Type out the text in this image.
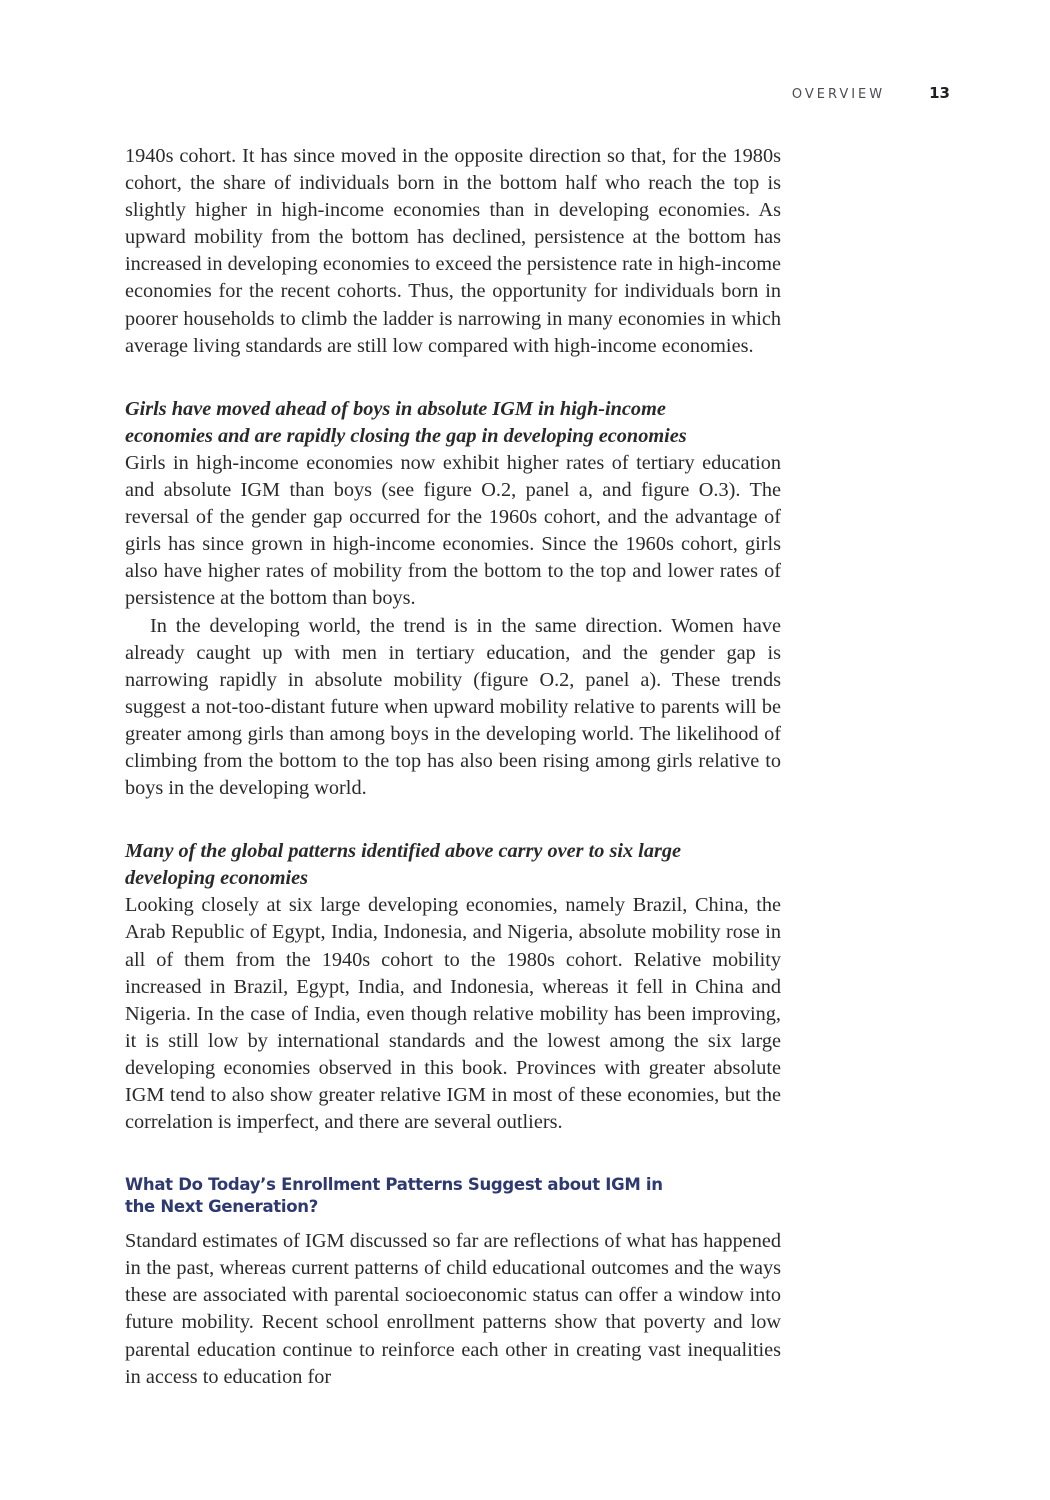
OVERVIEW	13

1940s cohort. It has since moved in the opposite direction so that, for the 1980s cohort, the share of individuals born in the bottom half who reach the top is slightly higher in high-income economies than in developing economies. As upward mobility from the bottom has declined, persistence at the bottom has increased in developing economies to exceed the persistence rate in high-income economies for the recent cohorts. Thus, the opportunity for individuals born in poorer households to climb the ladder is narrowing in many economies in which average living standards are still low compared with high-income economies.

Girls have moved ahead of boys in absolute IGM in high-income economies and are rapidly closing the gap in developing economies

Girls in high-income economies now exhibit higher rates of tertiary education and absolute IGM than boys (see figure O.2, panel a, and figure O.3). The reversal of the gender gap occurred for the 1960s cohort, and the advantage of girls has since grown in high-income economies. Since the 1960s cohort, girls also have higher rates of mobility from the bottom to the top and lower rates of persistence at the bottom than boys.

In the developing world, the trend is in the same direction. Women have already caught up with men in tertiary education, and the gender gap is narrowing rapidly in absolute mobility (figure O.2, panel a). These trends suggest a not-too-distant future when upward mobility relative to parents will be greater among girls than among boys in the developing world. The likelihood of climbing from the bottom to the top has also been rising among girls relative to boys in the developing world.

Many of the global patterns identified above carry over to six large developing economies

Looking closely at six large developing economies, namely Brazil, China, the Arab Republic of Egypt, India, Indonesia, and Nigeria, absolute mobility rose in all of them from the 1940s cohort to the 1980s cohort. Relative mobility increased in Brazil, Egypt, India, and Indonesia, whereas it fell in China and Nigeria. In the case of India, even though relative mobility has been improving, it is still low by international standards and the lowest among the six large developing economies observed in this book. Provinces with greater absolute IGM tend to also show greater relative IGM in most of these economies, but the correlation is imperfect, and there are several outliers.

What Do Today’s Enrollment Patterns Suggest about IGM in the Next Generation?

Standard estimates of IGM discussed so far are reflections of what has happened in the past, whereas current patterns of child educational outcomes and the ways these are associated with parental socioeconomic status can offer a window into future mobility. Recent school enrollment patterns show that poverty and low parental education continue to reinforce each other in creating vast inequalities in access to education for
